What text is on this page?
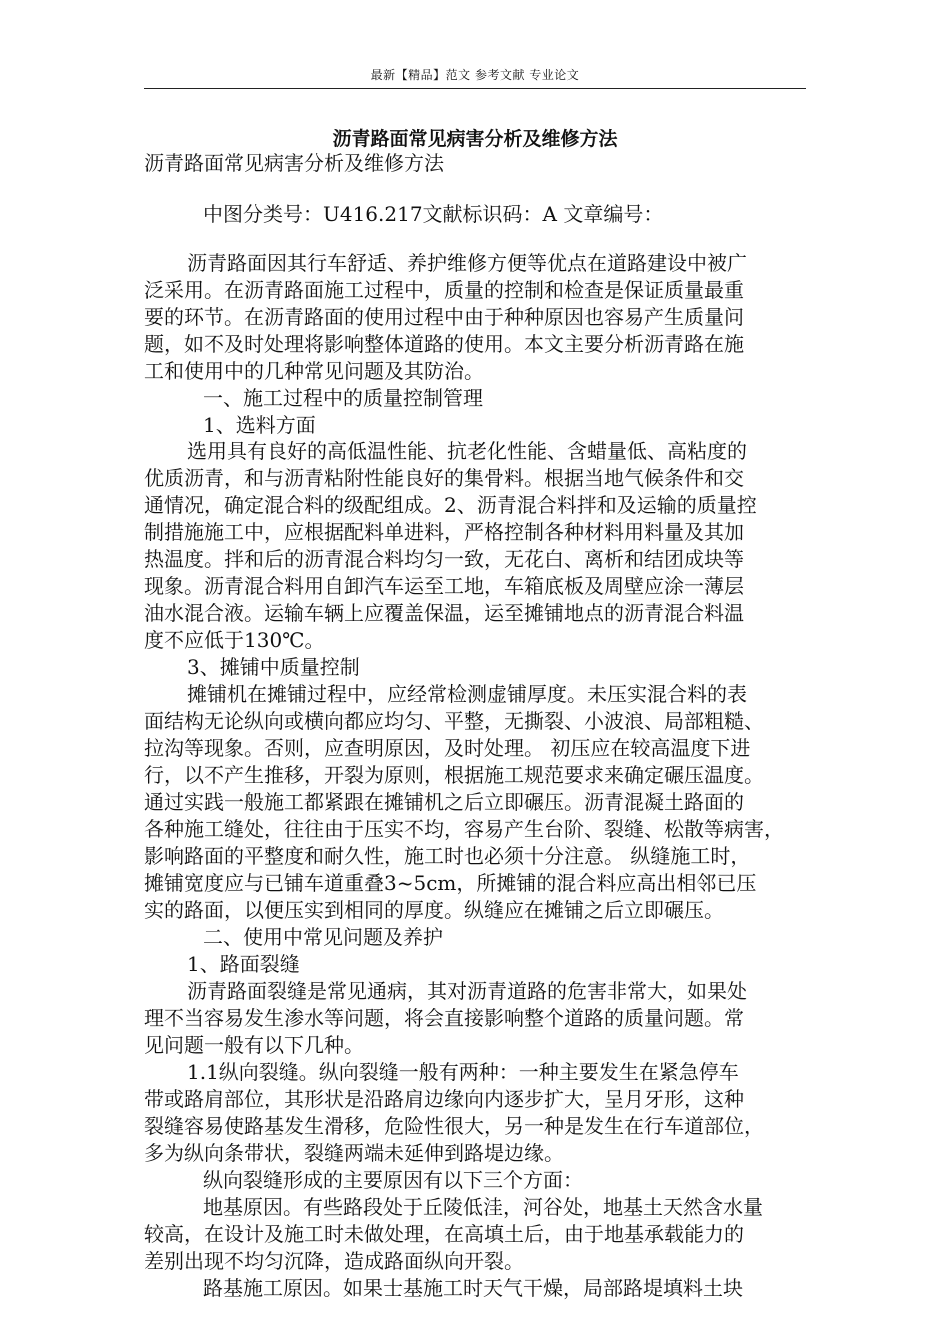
最新【精品】范文 参考文献 专业论文
沥青路面常见病害分析及维修方法
沥青路面常见病害分析及维修方法
中图分类号：U416.217文献标识码：A 文章编号：
沥青路面因其行车舒适、养护维修方便等优点在道路建设中被广
泛采用。在沥青路面施工过程中，质量的控制和检查是保证质量最重
要的环节。在沥青路面的使用过程中由于种种原因也容易产生质量问
题，如不及时处理将影响整体道路的使用。本文主要分析沥青路在施
工和使用中的几种常见问题及其防治。
一、施工过程中的质量控制管理
1、选料方面
选用具有良好的高低温性能、抗老化性能、含蜡量低、高粘度的
优质沥青，和与沥青粘附性能良好的集骨料。根据当地气候条件和交
通情况，确定混合料的级配组成。2、沥青混合料拌和及运输的质量控
制措施施工中，应根据配料单进料，严格控制各种材料用料量及其加
热温度。拌和后的沥青混合料均匀一致，无花白、离析和结团成块等
现象。沥青混合料用自卸汽车运至工地，车箱底板及周壁应涂一薄层
油水混合液。运输车辆上应覆盖保温，运至摊铺地点的沥青混合料温
度不应低于130℃。
3、摊铺中质量控制
摊铺机在摊铺过程中，应经常检测虚铺厚度。未压实混合料的表
面结构无论纵向或横向都应均匀、平整，无撕裂、小波浪、局部粗糙、
拉沟等现象。否则，应查明原因，及时处理。 初压应在较高温度下进
行，以不产生推移，开裂为原则，根据施工规范要求来确定碾压温度。
通过实践一般施工都紧跟在摊铺机之后立即碾压。沥青混凝土路面的
各种施工缝处，往往由于压实不均，容易产生台阶、裂缝、松散等病害，
影响路面的平整度和耐久性，施工时也必须十分注意。 纵缝施工时，
摊铺宽度应与已铺车道重叠3~5cm，所摊铺的混合料应高出相邻已压
实的路面，以便压实到相同的厚度。纵缝应在摊铺之后立即碾压。
二、使用中常见问题及养护
1、路面裂缝
沥青路面裂缝是常见通病，其对沥青道路的危害非常大，如果处
理不当容易发生渗水等问题，将会直接影响整个道路的质量问题。常
见问题一般有以下几种。
1.1纵向裂缝。纵向裂缝一般有两种：一种主要发生在紧急停车
带或路肩部位，其形状是沿路肩边缘向内逐步扩大，呈月牙形，这种
裂缝容易使路基发生滑移，危险性很大，另一种是发生在行车道部位，
多为纵向条带状，裂缝两端未延伸到路堤边缘。
纵向裂缝形成的主要原因有以下三个方面：
地基原因。有些路段处于丘陵低洼，河谷处，地基土天然含水量
较高，在设计及施工时未做处理，在高填土后，由于地基承载能力的
差别出现不均匀沉降，造成路面纵向开裂。
路基施工原因。如果士基施工时天气干燥，局部路堤填料土块
